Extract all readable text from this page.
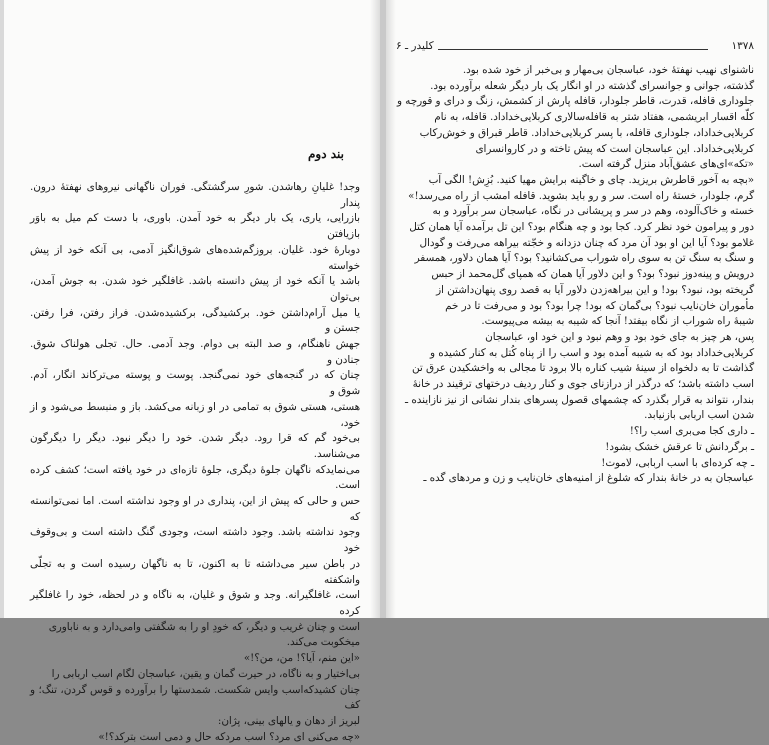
بند دوم

وجد! غلیانِ رهاشدن. شورِ سرگشتگی. فوران ناگهانی نیروهای نهفتهٔ درون. پندار

بازرایی، یاری، یک بار دیگر به خود آمدن. باوری، با دست کم میل به باوَر بازیافتن

دوبارهٔ خود. غلیان. بروزگم‌شده‌های شوق‌انگیز آدمی، بی آنکه خود از پیش خواسته

باشد یا آنکه خود از پیش دانسته باشد. غافلگیر خود شدن. به جوش آمدن، بی‌توان

یا میل آرام‌داشتن خود. برکشیدگی، برکشیده‌شدن. فراز رفتن، فرا رفتن. جستن و

جهش ناهنگام، و صد البته بی دوام. وجد آدمی. حال. تجلی هولناک شوق. جنادن و

چنان که در گنجه‌های خود نمی‌گنجد. پوست و پوسته می‌ترکاند انگار، آدم. شوق و

هستی، هستی شوق به تمامی در او زبانه می‌کشد. باز و منبسط می‌شود و از خود،

بی‌خود گم که قرا رود. دیگر شدن. خود را دیگر نبود. دیگر را دیگرگون می‌شناسد.

می‌نمایدکه ناگهان جلوهٔ دیگری، جلوهٔ تازه‌ای در خود یافته است؛ کشف کرده است.

حس و حالی که پیش از این، پنداری در او وجود نداشته است. اما نمی‌توانسته که

وجود نداشته باشد. وجود داشته است، وجودی گنگ داشته است و بی‌وقوف خود

در باطن سیر می‌داشته تا به اکنون، تا به ناگهان رسیده است و به تجلّی واشکفته

است، غافلگیرانه. وجد و شوق و غلیان، به ناگاه و در لحظه، خود را غافلگیر کرده

است و چنان غریب و دیگر، که خودِ او را به شگفتی وامی‌دارد و به ناباوری

میخکوبت می‌کند.

«این منم، آیا؟! من، من؟!»

بی‌اختیار و به ناگاه، در حیرت گمان و یقین، عباسجان لگام اسب اربابی را

چنان کشیدکه‌اسب وایس شکست. شمدستها را برآورده و قوس گردن، تنگ؛ و کف

لبریز از دهان و یالهای بینی، پژان:

«چه می‌کنی ای مرد؟ اسب مردکه حال و دمی است بترکد؟!»

۱۳۷۸
کلیدر ـ ۶

ناشنوای نهیب نهفتهٔ خود، عباسجان بی‌مهار و بی‌خبر از خود شده بود.

گذشته، جوانی و جوانسرای گذشته در او انگار یک بار دیگر شعله برآورده بود.

جلوداری قافله، قدرت، قاطر جلودار، قافله پارش از کشمش، زنگ و درای و قورچه و

کلّه اقسار ابریشمی، هفتاد شتر به قافله‌سالاری کربلایی‌خداداد. قافله، به نام

کربلایی‌خداداد، جلوداری قافله، با پسر کربلایی‌خداداد. قاطر قبراق و خوش‌رکاب

کربلایی‌خداداد. این عباسجان است که پیش تاخته و در کاروانسرای

«تکه»ای‌های عشق‌آباد منزل گرفته است.

«بچه به آخور قاطرش بریزید. چای و خاگینه برایش مهیا کنید. بُزِش! الگی آب

گرم، جلودار، خستهٔ راه است. سر و رو باید بشوید. قافله امشب از راه می‌رسد!»

خسته و خاک‌آلوده، وهم در سر و پریشانی در نگاه، عباسجان سر برآورد و به

دور و پیرامون خود نظر کرد. کجا بود و چه هنگام بود؟ این تل برآمده آیا همان کتل

غلامو بود؟ آیا این او بود آن مرد که چنان دزدانه و خجّته بیراهه می‌رفت و گودال

و سنگ به سنگ تن به سوی راه شوراب می‌کشانید؟ بود؟ آیا همان دلاور، همسفر

درویش و پینه‌دوز نبود؟ بود؟ و این دلاور آیا همان که همپای گل‌محمد از حبس

گریخته بود، نبود؟ بود! و این بیراهه‌زدن دلاور آیا به قصد روی پنهان‌داشتن از

مأموران خان‌نایب نبود؟ بی‌گمان که بود! چرا بود؟ بود و می‌رفت تا در خم

شیبهٔ راه شوراب از نگاه بیفتد! آنجا که شیبه به بیشه می‌پیوست.

پس، هر چیز به جای خود بود و وهم نبود و این خود او، عباسجان

کربلایی‌خداداد بود که به شیبه آمده بود و اسب را از پناه کُتل به کنار کشیده و

گذاشت تا به دلخواه از سینهٔ شیب کناره بالا برود تا مجالی به واخشکیدن عرق تن

اسب داشته باشد؛ که درگذر از درازنای جوی و کنار ردیف درختهای ترقیند در خانهٔ

بندار، نتواند به قرار بگذرد که چشمهای قصول پسرهای بندار نشانی از نیز نازاینده ـ

شدن اسب اربابی بازنیابد.

ـ داری کجا می‌بری اسب را؟!

ـ برگردانش تا عرقش خشک بشود!

ـ چه کرده‌ای با اسب اربابی، لاموت!

عباسجان به در خانهٔ بندار که شلوغ از امنیه‌های خان‌نایب و زن و مردهای گده ـ
